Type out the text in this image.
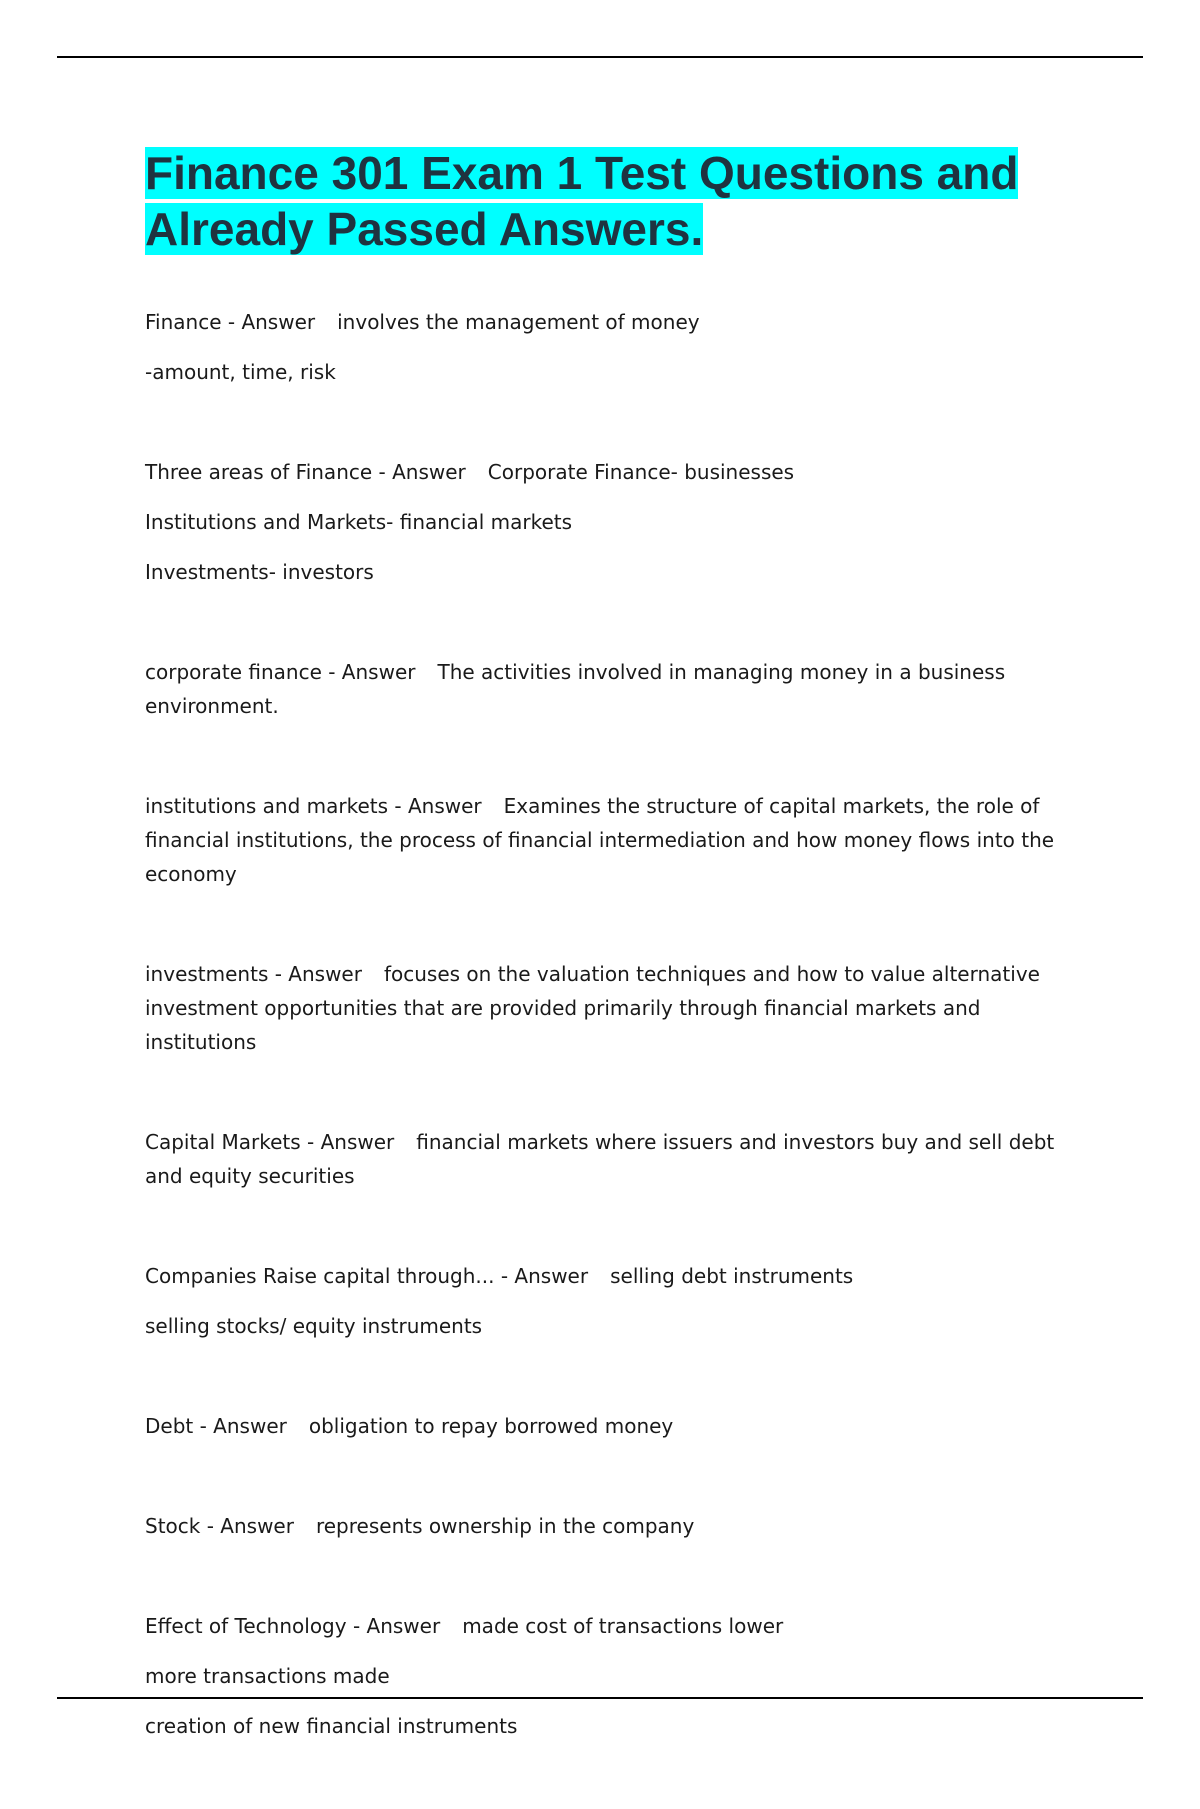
Finance 301 Exam 1 Test Questions and Already Passed Answers.
Finance - Answer involves the management of money
-amount, time, risk
Three areas of Finance - Answer Corporate Finance- businesses
Institutions and Markets- financial markets
Investments- investors
corporate finance - Answer The activities involved in managing money in a business environment.
institutions and markets - Answer Examines the structure of capital markets, the role of financial institutions, the process of financial intermediation and how money flows into the economy
investments - Answer focuses on the valuation techniques and how to value alternative investment opportunities that are provided primarily through financial markets and institutions
Capital Markets - Answer financial markets where issuers and investors buy and sell debt and equity securities
Companies Raise capital through... - Answer selling debt instruments
selling stocks/ equity instruments
Debt - Answer obligation to repay borrowed money
Stock - Answer represents ownership in the company
Effect of Technology - Answer made cost of transactions lower
more transactions made
creation of new financial instruments
